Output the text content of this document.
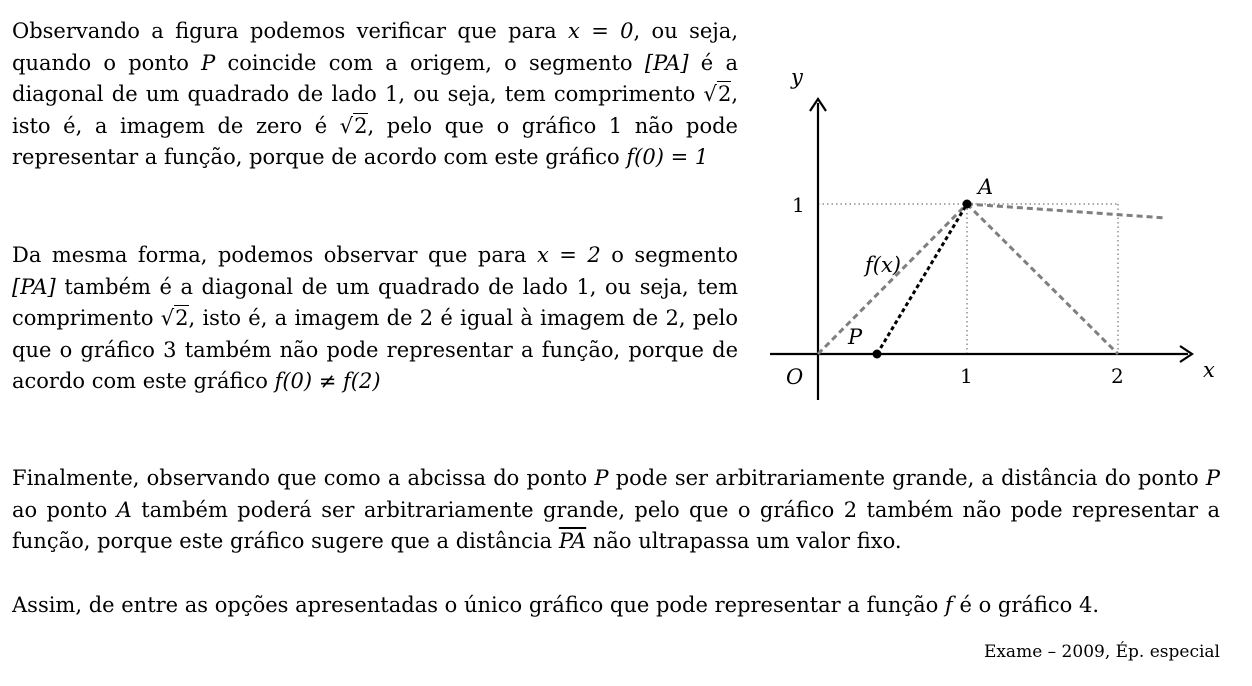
Observando a figura podemos verificar que para x = 0, ou seja, quando o ponto P coincide com a origem, o segmento [PA] é a diagonal de um quadrado de lado 1, ou seja, tem comprimento √2, isto é, a imagem de zero é √2, pelo que o gráfico 1 não pode representar a função, porque de acordo com este gráfico f(0) = 1
Da mesma forma, podemos observar que para x = 2 o segmento [PA] também é a diagonal de um quadrado de lado 1, ou seja, tem comprimento √2, isto é, a imagem de 2 é igual à imagem de 2, pelo que o gráfico 3 também não pode representar a função, porque de acordo com este gráfico f(0) ≠ f(2)
Finalmente, observando que como a abcissa do ponto P pode ser arbitrariamente grande, a distância do ponto P ao ponto A também poderá ser arbitrariamente grande, pelo que o gráfico 2 também não pode representar a função, porque este gráfico sugere que a distância $\overline{PA}$ não ultrapassa um valor fixo.
Assim, de entre as opções apresentadas o único gráfico que pode representar a função f é o gráfico 4.
Exame – 2009, Ép. especial
y
x
O	1	2
1
A
P
f(x)
